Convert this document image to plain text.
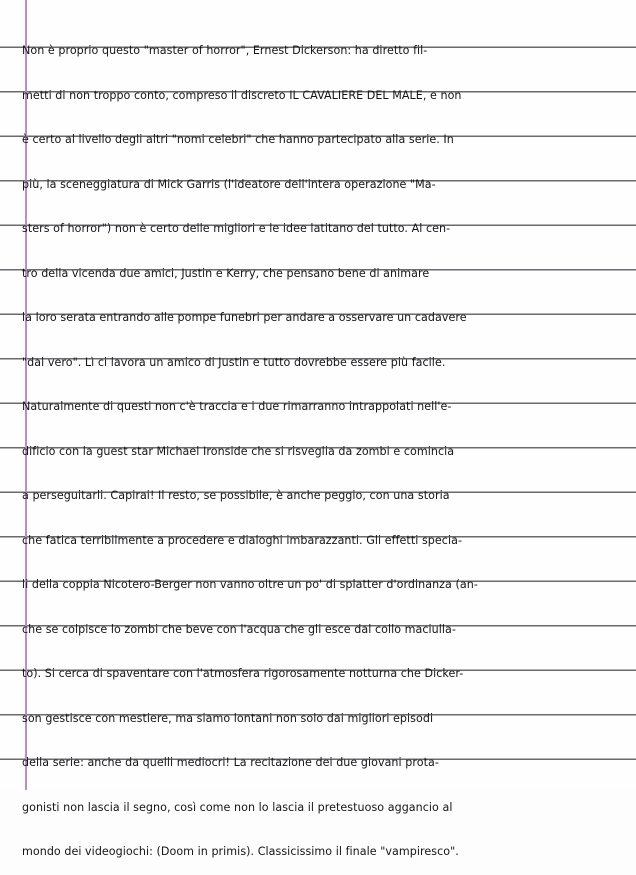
Non è proprio questo "master of horror", Ernest Dickerson: ha diretto fil-
metti di non troppo conto, compreso il discreto IL CAVALIERE DEL MALE, e non
è certo al livello degli altri "nomi celebri" che hanno partecipato alla serie. In
più, la sceneggiatura di Mick Garris (l'ideatore dell'intera operazione "Ma-
sters of horror") non è certo delle migliori e le idee latitano del tutto. Al cen-
tro della vicenda due amici, Justin e Kerry, che pensano bene di animare
la loro serata entrando alle pompe funebri per andare a osservare un cadavere
"dal vero". Lì ci lavora un amico di Justin e tutto dovrebbe essere più facile.
Naturalmente di questi non c'è traccia e i due rimarranno intrappolati nell'e-
dificio con la guest star Michael Ironside che si risveglia da zombi e comincia
a perseguitarli. Capirai! Il resto, se possibile, è anche peggio, con una storia
che fatica terribilmente a procedere e dialoghi imbarazzanti. Gli effetti specia-
li della coppia Nicotero-Berger non vanno oltre un po' di splatter d'ordinanza (an-
che se colpisce lo zombi che beve con l'acqua che gli esce dal collo maciulla-
to). Si cerca di spaventare con l'atmosfera rigorosamente notturna che Dicker-
son gestisce con mestiere, ma siamo lontani non solo dai migliori episodi
della serie: anche da quelli mediocri! La recitazione dei due giovani prota-
gonisti non lascia il segno, così come non lo lascia il pretestuoso aggancio al
mondo dei videogiochi: (Doom in primis). Classicissimo il finale "vampiresco".
